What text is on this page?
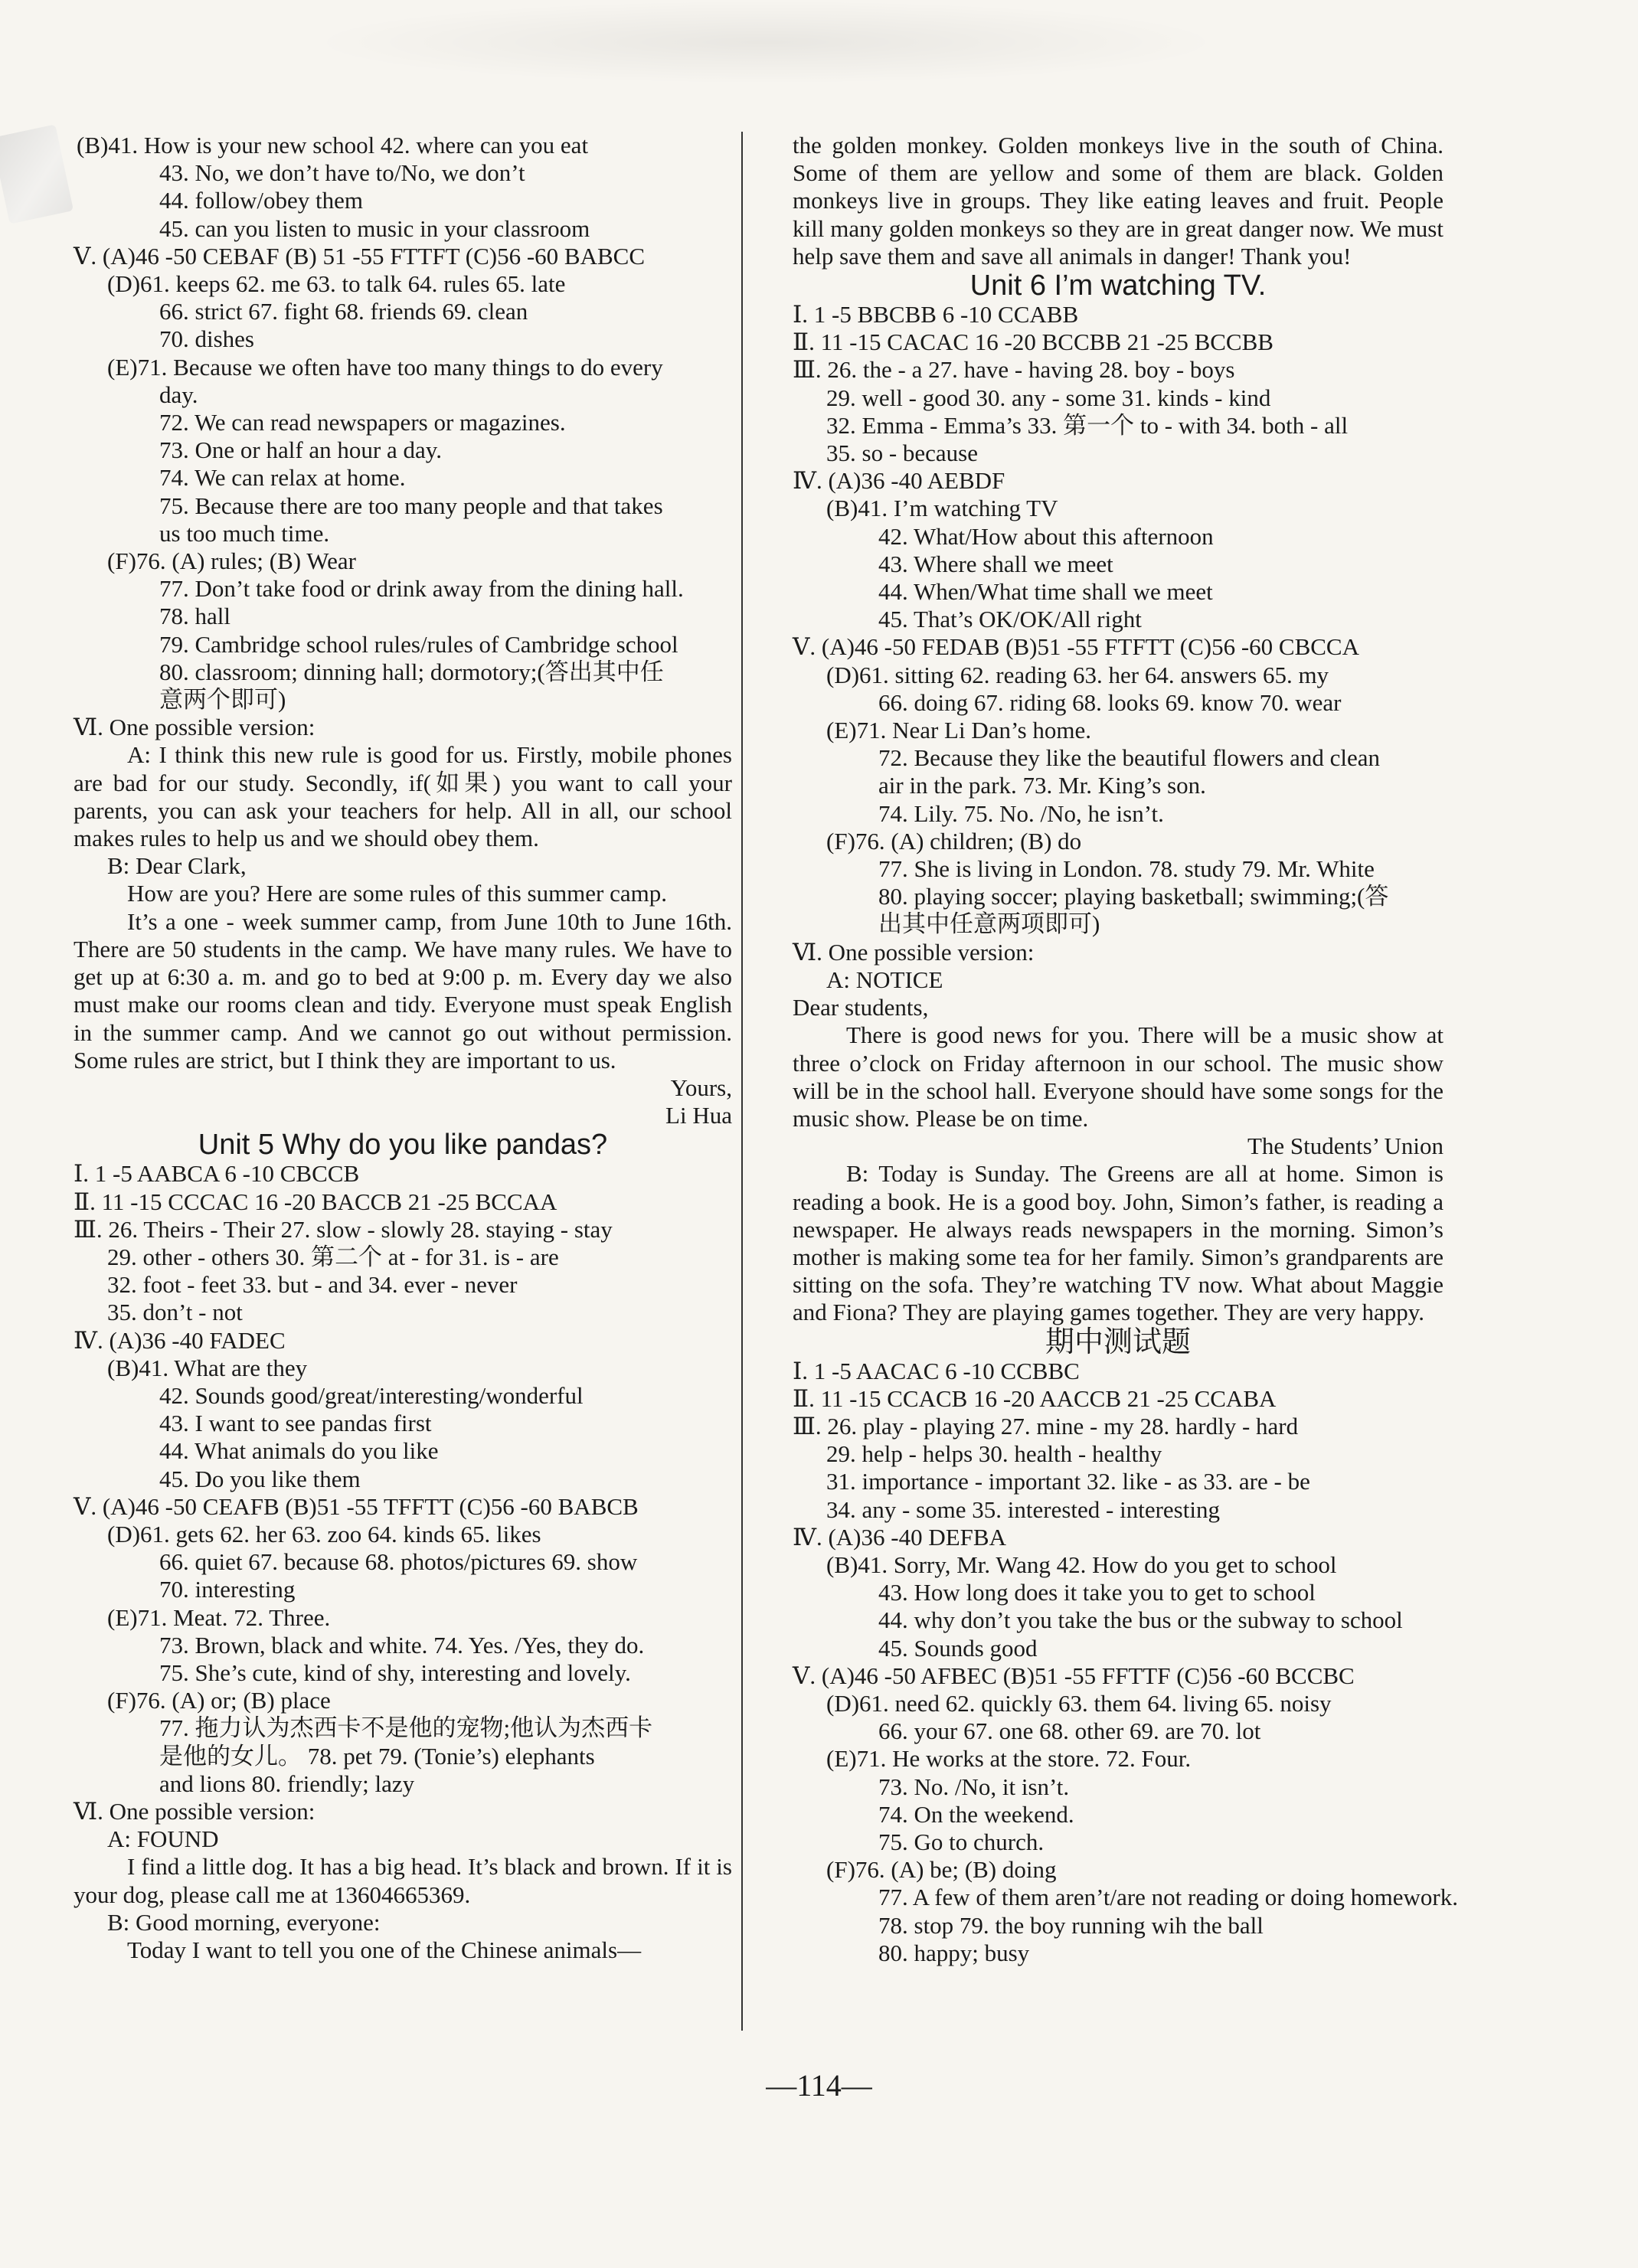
(B)41. How is your new school 42. where can you eat
43. No, we don’t have to/No, we don’t
44. follow/obey them
45. can you listen to music in your classroom
Ⅴ. (A)46 -50 CEBAF (B) 51 -55 FTTFT (C)56 -60 BABCC
(D)61. keeps 62. me 63. to talk 64. rules 65. late
66. strict 67. fight 68. friends 69. clean
70. dishes
(E)71. Because we often have too many things to do every
day.
72. We can read newspapers or magazines.
73. One or half an hour a day.
74. We can relax at home.
75. Because there are too many people and that takes
us too much time.
(F)76. (A) rules; (B) Wear
77. Don’t take food or drink away from the dining hall.
78. hall
79. Cambridge school rules/rules of Cambridge school
80. classroom; dinning hall; dormotory;(答出其中任
意两个即可)
Ⅵ. One possible version:
A: I think this new rule is good for us. Firstly, mobile phones are bad for our study. Secondly, if(如果) you want to call your parents, you can ask your teachers for help. All in all, our school makes rules to help us and we should obey them.
B: Dear Clark,
How are you? Here are some rules of this summer camp.
It’s a one - week summer camp, from June 10th to June 16th. There are 50 students in the camp. We have many rules. We have to get up at 6:30 a. m. and go to bed at 9:00 p. m. Every day we also must make our rooms clean and tidy. Everyone must speak English in the summer camp. And we cannot go out without permission. Some rules are strict, but I think they are important to us.
Yours,
Li Hua
Unit 5 Why do you like pandas?
Ⅰ. 1 -5 AABCA 6 -10 CBCCB
Ⅱ. 11 -15 CCCAC 16 -20 BACCB 21 -25 BCCAA
Ⅲ. 26. Theirs - Their 27. slow - slowly 28. staying - stay
29. other - others 30. 第二个 at - for 31. is - are
32. foot - feet 33. but - and 34. ever - never
35. don’t - not
Ⅳ. (A)36 -40 FADEC
(B)41. What are they
42. Sounds good/great/interesting/wonderful
43. I want to see pandas first
44. What animals do you like
45. Do you like them
Ⅴ. (A)46 -50 CEAFB (B)51 -55 TFFTT (C)56 -60 BABCB
(D)61. gets 62. her 63. zoo 64. kinds 65. likes
66. quiet 67. because 68. photos/pictures 69. show
70. interesting
(E)71. Meat. 72. Three.
73. Brown, black and white. 74. Yes. /Yes, they do.
75. She’s cute, kind of shy, interesting and lovely.
(F)76. (A) or; (B) place
77. 拖力认为杰西卡不是他的宠物;他认为杰西卡
是他的女儿。 78. pet 79. (Tonie’s) elephants
and lions 80. friendly; lazy
Ⅵ. One possible version:
A: FOUND
I find a little dog. It has a big head. It’s black and brown. If it is your dog, please call me at 13604665369.
B: Good morning, everyone:
Today I want to tell you one of the Chinese animals—
the golden monkey. Golden monkeys live in the south of China. Some of them are yellow and some of them are black. Golden monkeys live in groups. They like eating leaves and fruit. People kill many golden monkeys so they are in great danger now. We must help save them and save all animals in danger! Thank you!
Unit 6 I’m watching TV.
Ⅰ. 1 -5 BBCBB 6 -10 CCABB
Ⅱ. 11 -15 CACAC 16 -20 BCCBB 21 -25 BCCBB
Ⅲ. 26. the - a 27. have - having 28. boy - boys
29. well - good 30. any - some 31. kinds - kind
32. Emma - Emma’s 33. 第一个 to - with 34. both - all
35. so - because
Ⅳ. (A)36 -40 AEBDF
(B)41. I’m watching TV
42. What/How about this afternoon
43. Where shall we meet
44. When/What time shall we meet
45. That’s OK/OK/All right
Ⅴ. (A)46 -50 FEDAB (B)51 -55 FTFTT (C)56 -60 CBCCA
(D)61. sitting 62. reading 63. her 64. answers 65. my
66. doing 67. riding 68. looks 69. know 70. wear
(E)71. Near Li Dan’s home.
72. Because they like the beautiful flowers and clean
air in the park. 73. Mr. King’s son.
74. Lily. 75. No. /No, he isn’t.
(F)76. (A) children; (B) do
77. She is living in London. 78. study 79. Mr. White
80. playing soccer; playing basketball; swimming;(答
出其中任意两项即可)
Ⅵ. One possible version:
A: NOTICE
Dear students,
There is good news for you. There will be a music show at three o’clock on Friday afternoon in our school. The music show will be in the school hall. Everyone should have some songs for the music show. Please be on time.
The Students’ Union
B: Today is Sunday. The Greens are all at home. Simon is reading a book. He is a good boy. John, Simon’s father, is reading a newspaper. He always reads newspapers in the morning. Simon’s mother is making some tea for her family. Simon’s grandparents are sitting on the sofa. They’re watching TV now. What about Maggie and Fiona? They are playing games together. They are very happy.
期中测试题
Ⅰ. 1 -5 AACAC 6 -10 CCBBC
Ⅱ. 11 -15 CCACB 16 -20 AACCB 21 -25 CCABA
Ⅲ. 26. play - playing 27. mine - my 28. hardly - hard
29. help - helps 30. health - healthy
31. importance - important 32. like - as 33. are - be
34. any - some 35. interested - interesting
Ⅳ. (A)36 -40 DEFBA
(B)41. Sorry, Mr. Wang 42. How do you get to school
43. How long does it take you to get to school
44. why don’t you take the bus or the subway to school
45. Sounds good
Ⅴ. (A)46 -50 AFBEC (B)51 -55 FFTTF (C)56 -60 BCCBC
(D)61. need 62. quickly 63. them 64. living 65. noisy
66. your 67. one 68. other 69. are 70. lot
(E)71. He works at the store. 72. Four.
73. No. /No, it isn’t.
74. On the weekend.
75. Go to church.
(F)76. (A) be; (B) doing
77. A few of them aren’t/are not reading or doing homework.
78. stop 79. the boy running wih the ball
80. happy; busy
—114—
